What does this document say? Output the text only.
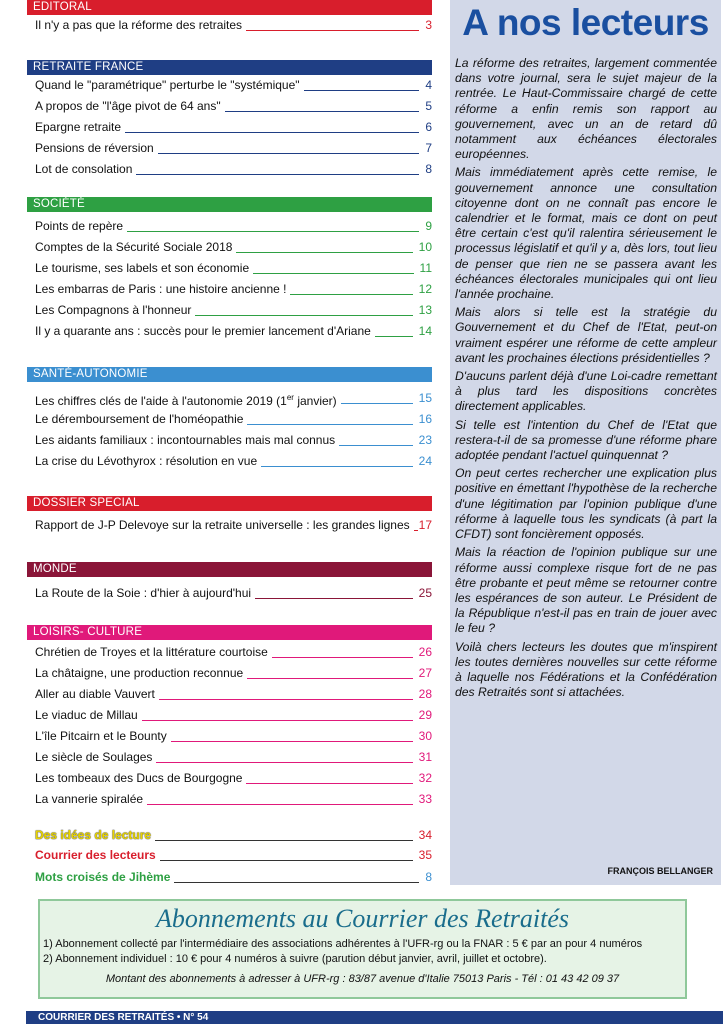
EDITORAL
Il n'y a pas que la réforme des retraites	3
RETRAITE FRANCE
Quand le "paramétrique" perturbe le "systémique"	4
A propos de "l'âge pivot de 64 ans"	5
Epargne retraite	6
Pensions de réversion	7
Lot de consolation	8
SOCIÉTÉ
Points de repère	9
Comptes de la Sécurité Sociale 2018	10
Le tourisme, ses labels et son économie	11
Les embarras de Paris : une histoire ancienne !	12
Les Compagnons à l'honneur	13
Il y a quarante ans : succès pour le premier lancement d'Ariane	14
SANTÉ-AUTONOMIE
Les chiffres clés de l'aide à l'autonomie 2019 (1er janvier)	15
Le déremboursement de l'homéopathie	16
Les aidants familiaux : incontournables mais mal connus	23
La crise du Lévothyrox : résolution en vue	24
DOSSIER SPECIAL
Rapport de J-P Delevoye sur la retraite universelle : les grandes lignes 17
MONDE
La Route de la Soie : d'hier à aujourd'hui	25
LOISIRS- CULTURE
Chrétien de Troyes et la littérature courtoise	26
La châtaigne, une production reconnue	27
Aller au diable Vauvert	28
Le viaduc de Millau	29
L'île Pitcairn et le Bounty	30
Le siècle de Soulages	31
Les tombeaux des Ducs de Bourgogne	32
La vannerie spiralée	33
Des idées de lecture	34
Courrier des lecteurs	35
Mots croisés de Jihème	8
A nos lecteurs

La réforme des retraites, largement commentée dans votre journal, sera le sujet majeur de la rentrée. Le Haut-Commissaire chargé de cette réforme a enfin remis son rapport au gouvernement, avec un an de retard dû notamment aux échéances électorales européennes.

Mais immédiatement après cette remise, le gouvernement annonce une consultation citoyenne dont on ne connaît pas encore le calendrier et le format, mais ce dont on peut être certain c'est qu'il ralentira sérieusement le processus législatif et qu'il y a, dès lors, tout lieu de penser que rien ne se passera avant les échéances électorales municipales qui ont lieu l'année prochaine.

Mais alors si telle est la stratégie du Gouvernement et du Chef de l'Etat, peut-on vraiment espérer une réforme de cette ampleur avant les prochaines élections présidentielles ?

D'aucuns parlent déjà d'une Loi-cadre remettant à plus tard les dispositions concrètes directement applicables.

Si telle est l'intention du Chef de l'Etat que restera-t-il de sa promesse d'une réforme phare adoptée pendant l'actuel quinquennat ?

On peut certes rechercher une explication plus positive en émettant l'hypothèse de la recherche d'une légitimation par l'opinion publique d'une réforme à laquelle tous les syndicats (à part la CFDT) sont foncièrement opposés.

Mais la réaction de l'opinion publique sur une réforme aussi complexe risque fort de ne pas être probante et peut même se retourner contre les espérances de son auteur. Le Président de la République n'est-il pas en train de jouer avec le feu ?

Voilà chers lecteurs les doutes que m'inspirent les toutes dernières nouvelles sur cette réforme à laquelle nos Fédérations et la Confédération des Retraités sont si attachées.

FRANÇOIS BELLANGER
Abonnements au Courrier des Retraités
1) Abonnement collecté par l'intermédiaire des associations adhérentes à l'UFR-rg ou la FNAR : 5 € par an pour 4 numéros
2) Abonnement individuel : 10 € pour 4 numéros à suivre (parution début janvier, avril, juillet et octobre).
Montant des abonnements à adresser à UFR-rg : 83/87 avenue d'Italie 75013 Paris - Tél : 01 43 42 09 37
COURRIER DES RETRAITÉS • N° 54
